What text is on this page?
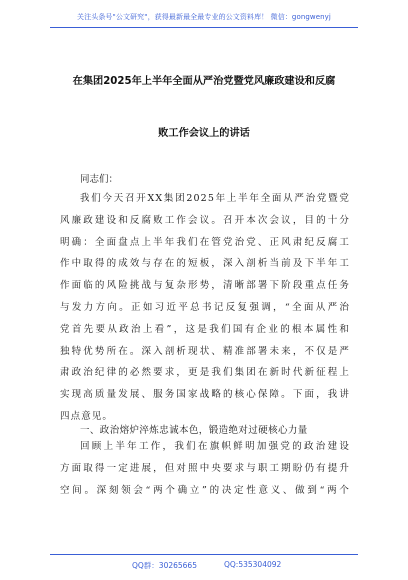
关注头条号"公文研究"，获得最新最全最专业的公文资料库！ 微信：gongwenyj
在集团2025年上半年全面从严治党暨党风廉政建设和反腐
败工作会议上的讲话
同志们：
我们今天召开XX集团2025年上半年全面从严治党暨党
风廉政建设和反腐败工作会议。召开本次会议，目的十分
明确：全面盘点上半年我们在管党治党、正风肃纪反腐工
作中取得的成效与存在的短板，深入剖析当前及下半年工
作面临的风险挑战与复杂形势，清晰部署下阶段重点任务
与发力方向。正如习近平总书记反复强调，“全面从严治
党首先要从政治上看”，这是我们国有企业的根本属性和
独特优势所在。深入剖析现状、精准部署未来，不仅是严
肃政治纪律的必然要求，更是我们集团在新时代新征程上
实现高质量发展、服务国家战略的核心保障。下面，我讲
四点意见。
一、政治熔炉淬炼忠诚本色，锻造绝对过硬核心力量
回顾上半年工作，我们在旗帜鲜明加强党的政治建设
方面取得一定进展，但对照中央要求与职工期盼仍有提升
空间。深刻领会“两个确立”的决定性意义、做到“两个
QQ群：30265665	QQ:535304092
